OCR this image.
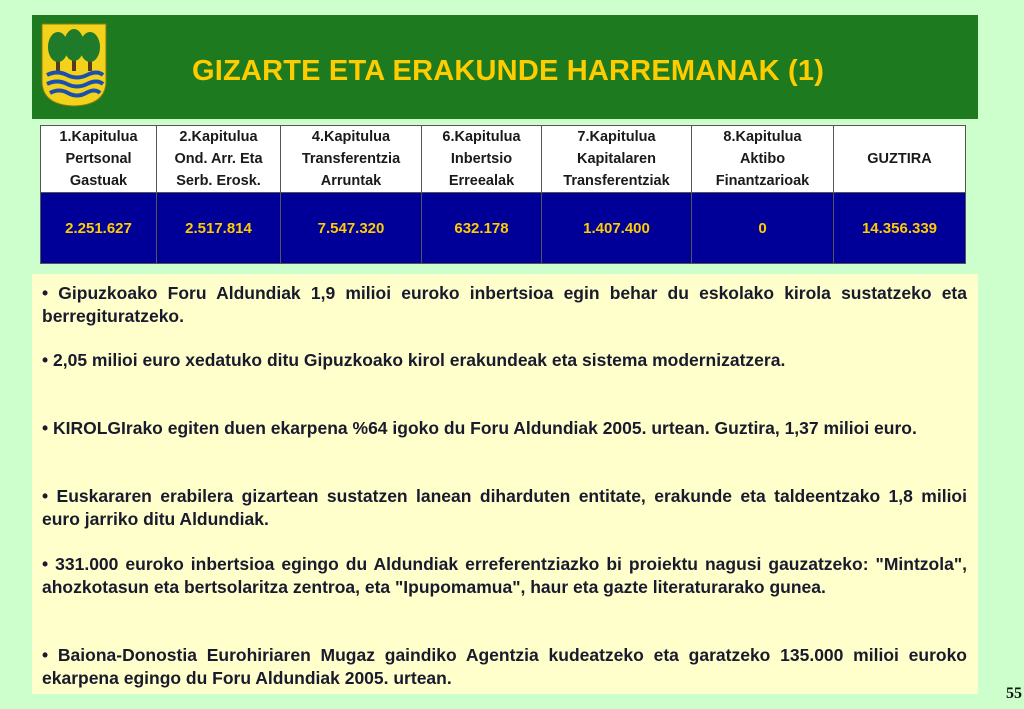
GIZARTE ETA ERAKUNDE HARREMANAK (1)
1.Kapitulua
Pertsonal
Gastuak	2.Kapitulua
Ond. Arr. Eta
Serb. Erosk.	4.Kapitulua
Transferentzia
Arruntak	6.Kapitulua
Inbertsio
Erreealak	7.Kapitulua
Kapitalaren
Transferentziak	8.Kapitulua
Aktibo
Finantzarioak	GUZTIRA
2.251.627	2.517.814	7.547.320	632.178	1.407.400	0	14.356.339
• Gipuzkoako Foru Aldundiak 1,9 milioi euroko inbertsioa egin behar du eskolako kirola sustatzeko eta berregituratzeko.
• 2,05 milioi euro xedatuko ditu Gipuzkoako kirol erakundeak eta sistema modernizatzera.
• KIROLGIrako egiten duen ekarpena %64 igoko du Foru Aldundiak 2005. urtean. Guztira, 1,37 milioi euro.
• Euskararen erabilera gizartean sustatzen lanean diharduten entitate, erakunde eta taldeentzako 1,8 milioi euro jarriko ditu Aldundiak.
• 331.000 euroko inbertsioa egingo du Aldundiak erreferentziazko bi proiektu nagusi gauzatzeko: "Mintzola", ahozkotasun eta bertsolaritza zentroa, eta "Ipupomamua", haur eta gazte literaturarako gunea.
• Baiona-Donostia Eurohiriaren Mugaz gaindiko Agentzia kudeatzeko eta garatzeko 135.000 milioi euroko ekarpena egingo du Foru Aldundiak 2005. urtean.
55
